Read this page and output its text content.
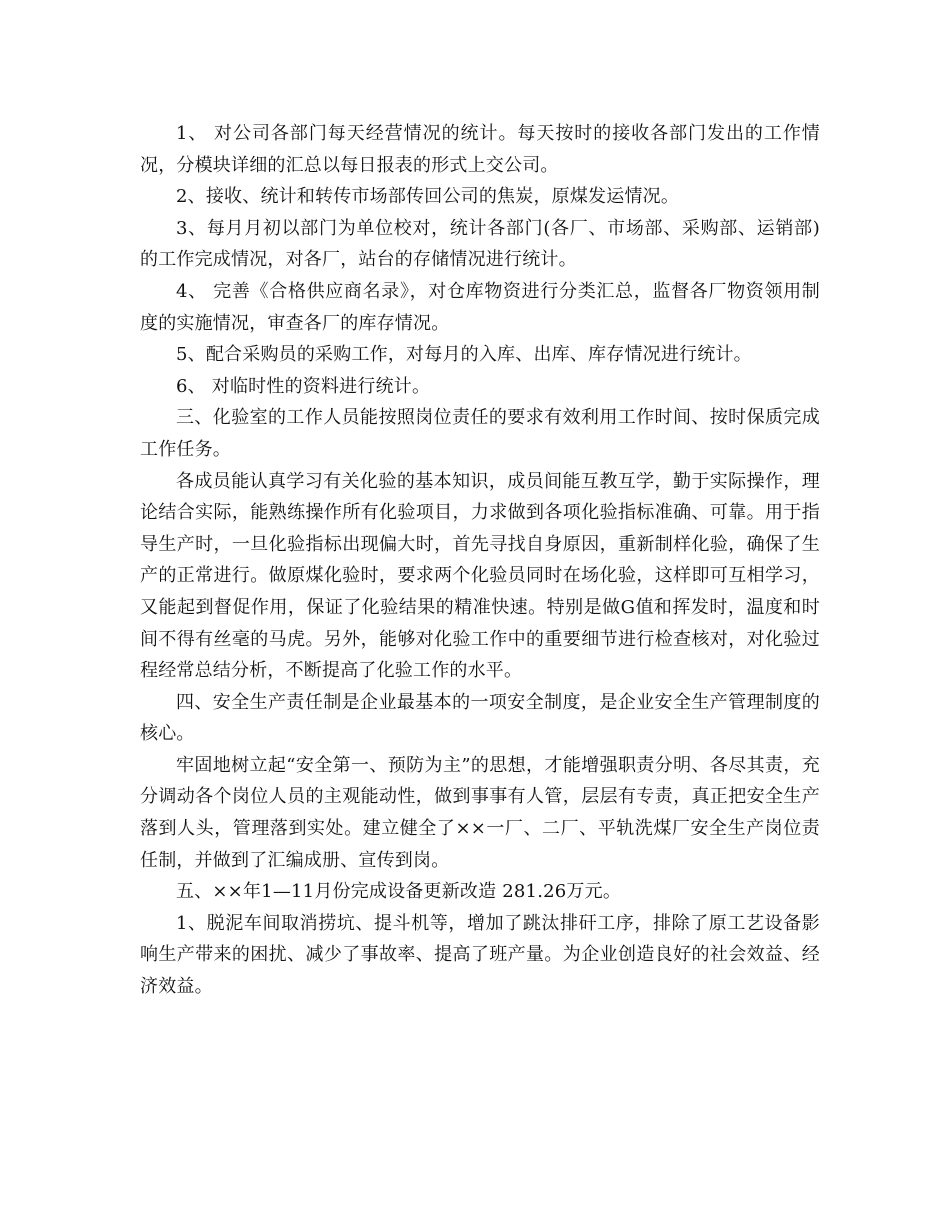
1、 对公司各部门每天经营情况的统计。每天按时的接收各部门发出的工作情况，分模块详细的汇总以每日报表的形式上交公司。

2、接收、统计和转传市场部传回公司的焦炭，原煤发运情况。

3、每月月初以部门为单位校对，统计各部门(各厂、市场部、采购部、运销部)的工作完成情况，对各厂，站台的存储情况进行统计。

4、 完善《合格供应商名录》，对仓库物资进行分类汇总，监督各厂物资领用制度的实施情况，审查各厂的库存情况。

5、配合采购员的采购工作，对每月的入库、出库、库存情况进行统计。

6、 对临时性的资料进行统计。

三、化验室的工作人员能按照岗位责任的要求有效利用工作时间、按时保质完成工作任务。

各成员能认真学习有关化验的基本知识，成员间能互教互学，勤于实际操作，理论结合实际，能熟练操作所有化验项目，力求做到各项化验指标准确、可靠。用于指导生产时，一旦化验指标出现偏大时，首先寻找自身原因，重新制样化验，确保了生产的正常进行。做原煤化验时，要求两个化验员同时在场化验，这样即可互相学习，又能起到督促作用，保证了化验结果的精准快速。特别是做G值和挥发时，温度和时间不得有丝毫的马虎。另外，能够对化验工作中的重要细节进行检查核对，对化验过程经常总结分析，不断提高了化验工作的水平。

四、安全生产责任制是企业最基本的一项安全制度，是企业安全生产管理制度的核心。

牢固地树立起“安全第一、预防为主”的思想，才能增强职责分明、各尽其责，充分调动各个岗位人员的主观能动性，做到事事有人管，层层有专责，真正把安全生产落到人头，管理落到实处。建立健全了××一厂、二厂、平轨洗煤厂安全生产岗位责任制，并做到了汇编成册、宣传到岗。

五、××年1—11月份完成设备更新改造 281.26万元。

1、脱泥车间取消捞坑、提斗机等，增加了跳汰排矸工序，排除了原工艺设备影响生产带来的困扰、减少了事故率、提高了班产量。为企业创造良好的社会效益、经济效益。
